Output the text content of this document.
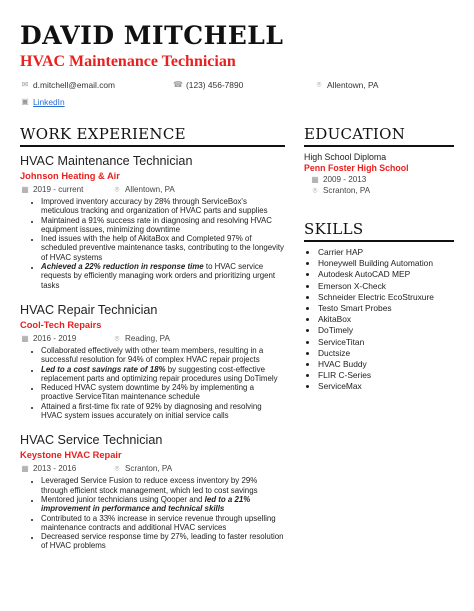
DAVID MITCHELL
HVAC Maintenance Technician
✉ d.mitchell@email.com	☎ (123) 456-7890	⌾ Allentown, PA
▣ LinkedIn
WORK EXPERIENCE
HVAC Maintenance Technician
Johnson Heating & Air
▦ 2019 - current	⌾ Allentown, PA
• Improved inventory accuracy by 28% through ServiceBox's meticulous tracking and organization of HVAC parts and supplies
• Maintained a 91% success rate in diagnosing and resolving HVAC equipment issues, minimizing downtime
• Ined issues with the help of AkitaBox and Completed 97% of scheduled preventive maintenance tasks, contributing to the longevity of HVAC systems
• Achieved a 22% reduction in response time to HVAC service requests by efficiently managing work orders and prioritizing urgent tasks
HVAC Repair Technician
Cool-Tech Repairs
▦ 2016 - 2019	⌾ Reading, PA
• Collaborated effectively with other team members, resulting in a successful resolution for 94% of complex HVAC repair projects
• Led to a cost savings rate of 18% by suggesting cost-effective replacement parts and optimizing repair procedures using DoTimely
• Reduced HVAC system downtime by 24% by implementing a proactive ServiceTitan maintenance schedule
• Attained a first-time fix rate of 92% by diagnosing and resolving HVAC system issues accurately on initial service calls
HVAC Service Technician
Keystone HVAC Repair
▦ 2013 - 2016	⌾ Scranton, PA
• Leveraged Service Fusion to reduce excess inventory by 29% through efficient stock management, which led to cost savings
• Mentored junior technicians using Qooper and led to a 21% improvement in performance and technical skills
• Contributed to a 33% increase in service revenue through upselling maintenance contracts and additional HVAC services
• Decreased service response time by 27%, leading to faster resolution of HVAC problems
EDUCATION
High School Diploma
Penn Foster High School
▦ 2009 - 2013
⌾ Scranton, PA
SKILLS
• Carrier HAP
• Honeywell Building Automation
• Autodesk AutoCAD MEP
• Emerson X-Check
• Schneider Electric EcoStruxure
• Testo Smart Probes
• AkitaBox
• DoTimely
• ServiceTitan
• Ductsize
• HVAC Buddy
• FLIR C-Series
• ServiceMax
